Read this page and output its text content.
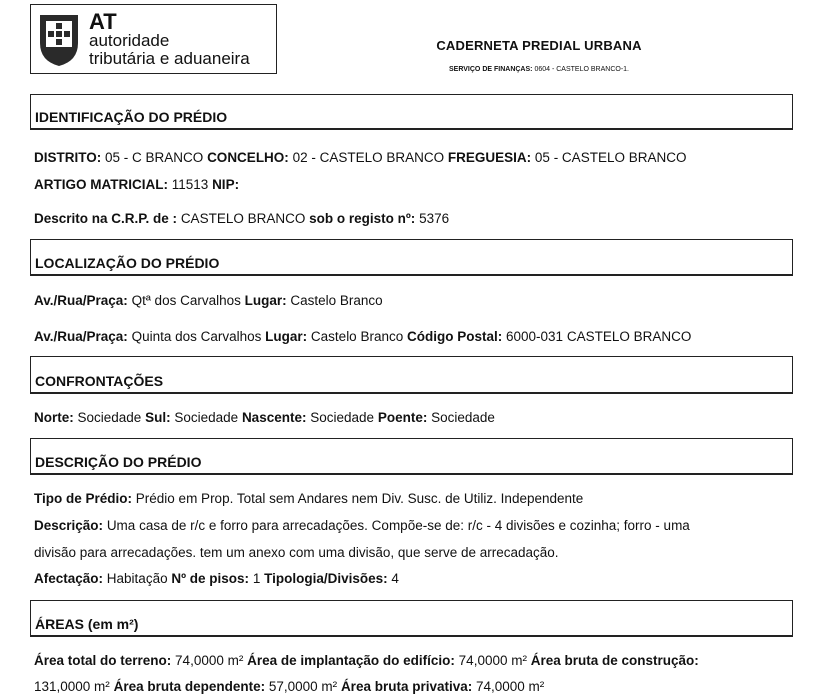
AT
autoridade
tributária e aduaneira
CADERNETA PREDIAL URBANA
SERVIÇO DE FINANÇAS: 0604 - CASTELO BRANCO-1.
IDENTIFICAÇÃO DO PRÉDIO
DISTRITO: 05 - C BRANCO CONCELHO: 02 - CASTELO BRANCO FREGUESIA: 05 - CASTELO BRANCO
ARTIGO MATRICIAL: 11513 NIP:
Descrito na C.R.P. de : CASTELO BRANCO sob o registo nº: 5376
LOCALIZAÇÃO DO PRÉDIO
Av./Rua/Praça: Qtª dos Carvalhos Lugar: Castelo Branco
Av./Rua/Praça: Quinta dos Carvalhos Lugar: Castelo Branco Código Postal: 6000-031 CASTELO BRANCO
CONFRONTAÇÕES
Norte: Sociedade Sul: Sociedade Nascente: Sociedade Poente: Sociedade
DESCRIÇÃO DO PRÉDIO
Tipo de Prédio: Prédio em Prop. Total sem Andares nem Div. Susc. de Utiliz. Independente
Descrição: Uma casa de r/c e forro para arrecadações. Compõe-se de: r/c - 4 divisões e cozinha; forro - uma
divisão para arrecadações. tem um anexo com uma divisão, que serve de arrecadação.
Afectação: Habitação Nº de pisos: 1 Tipologia/Divisões: 4
ÁREAS (em m²)
Área total do terreno: 74,0000 m² Área de implantação do edifício: 74,0000 m² Área bruta de construção:
131,0000 m² Área bruta dependente: 57,0000 m² Área bruta privativa: 74,0000 m²
